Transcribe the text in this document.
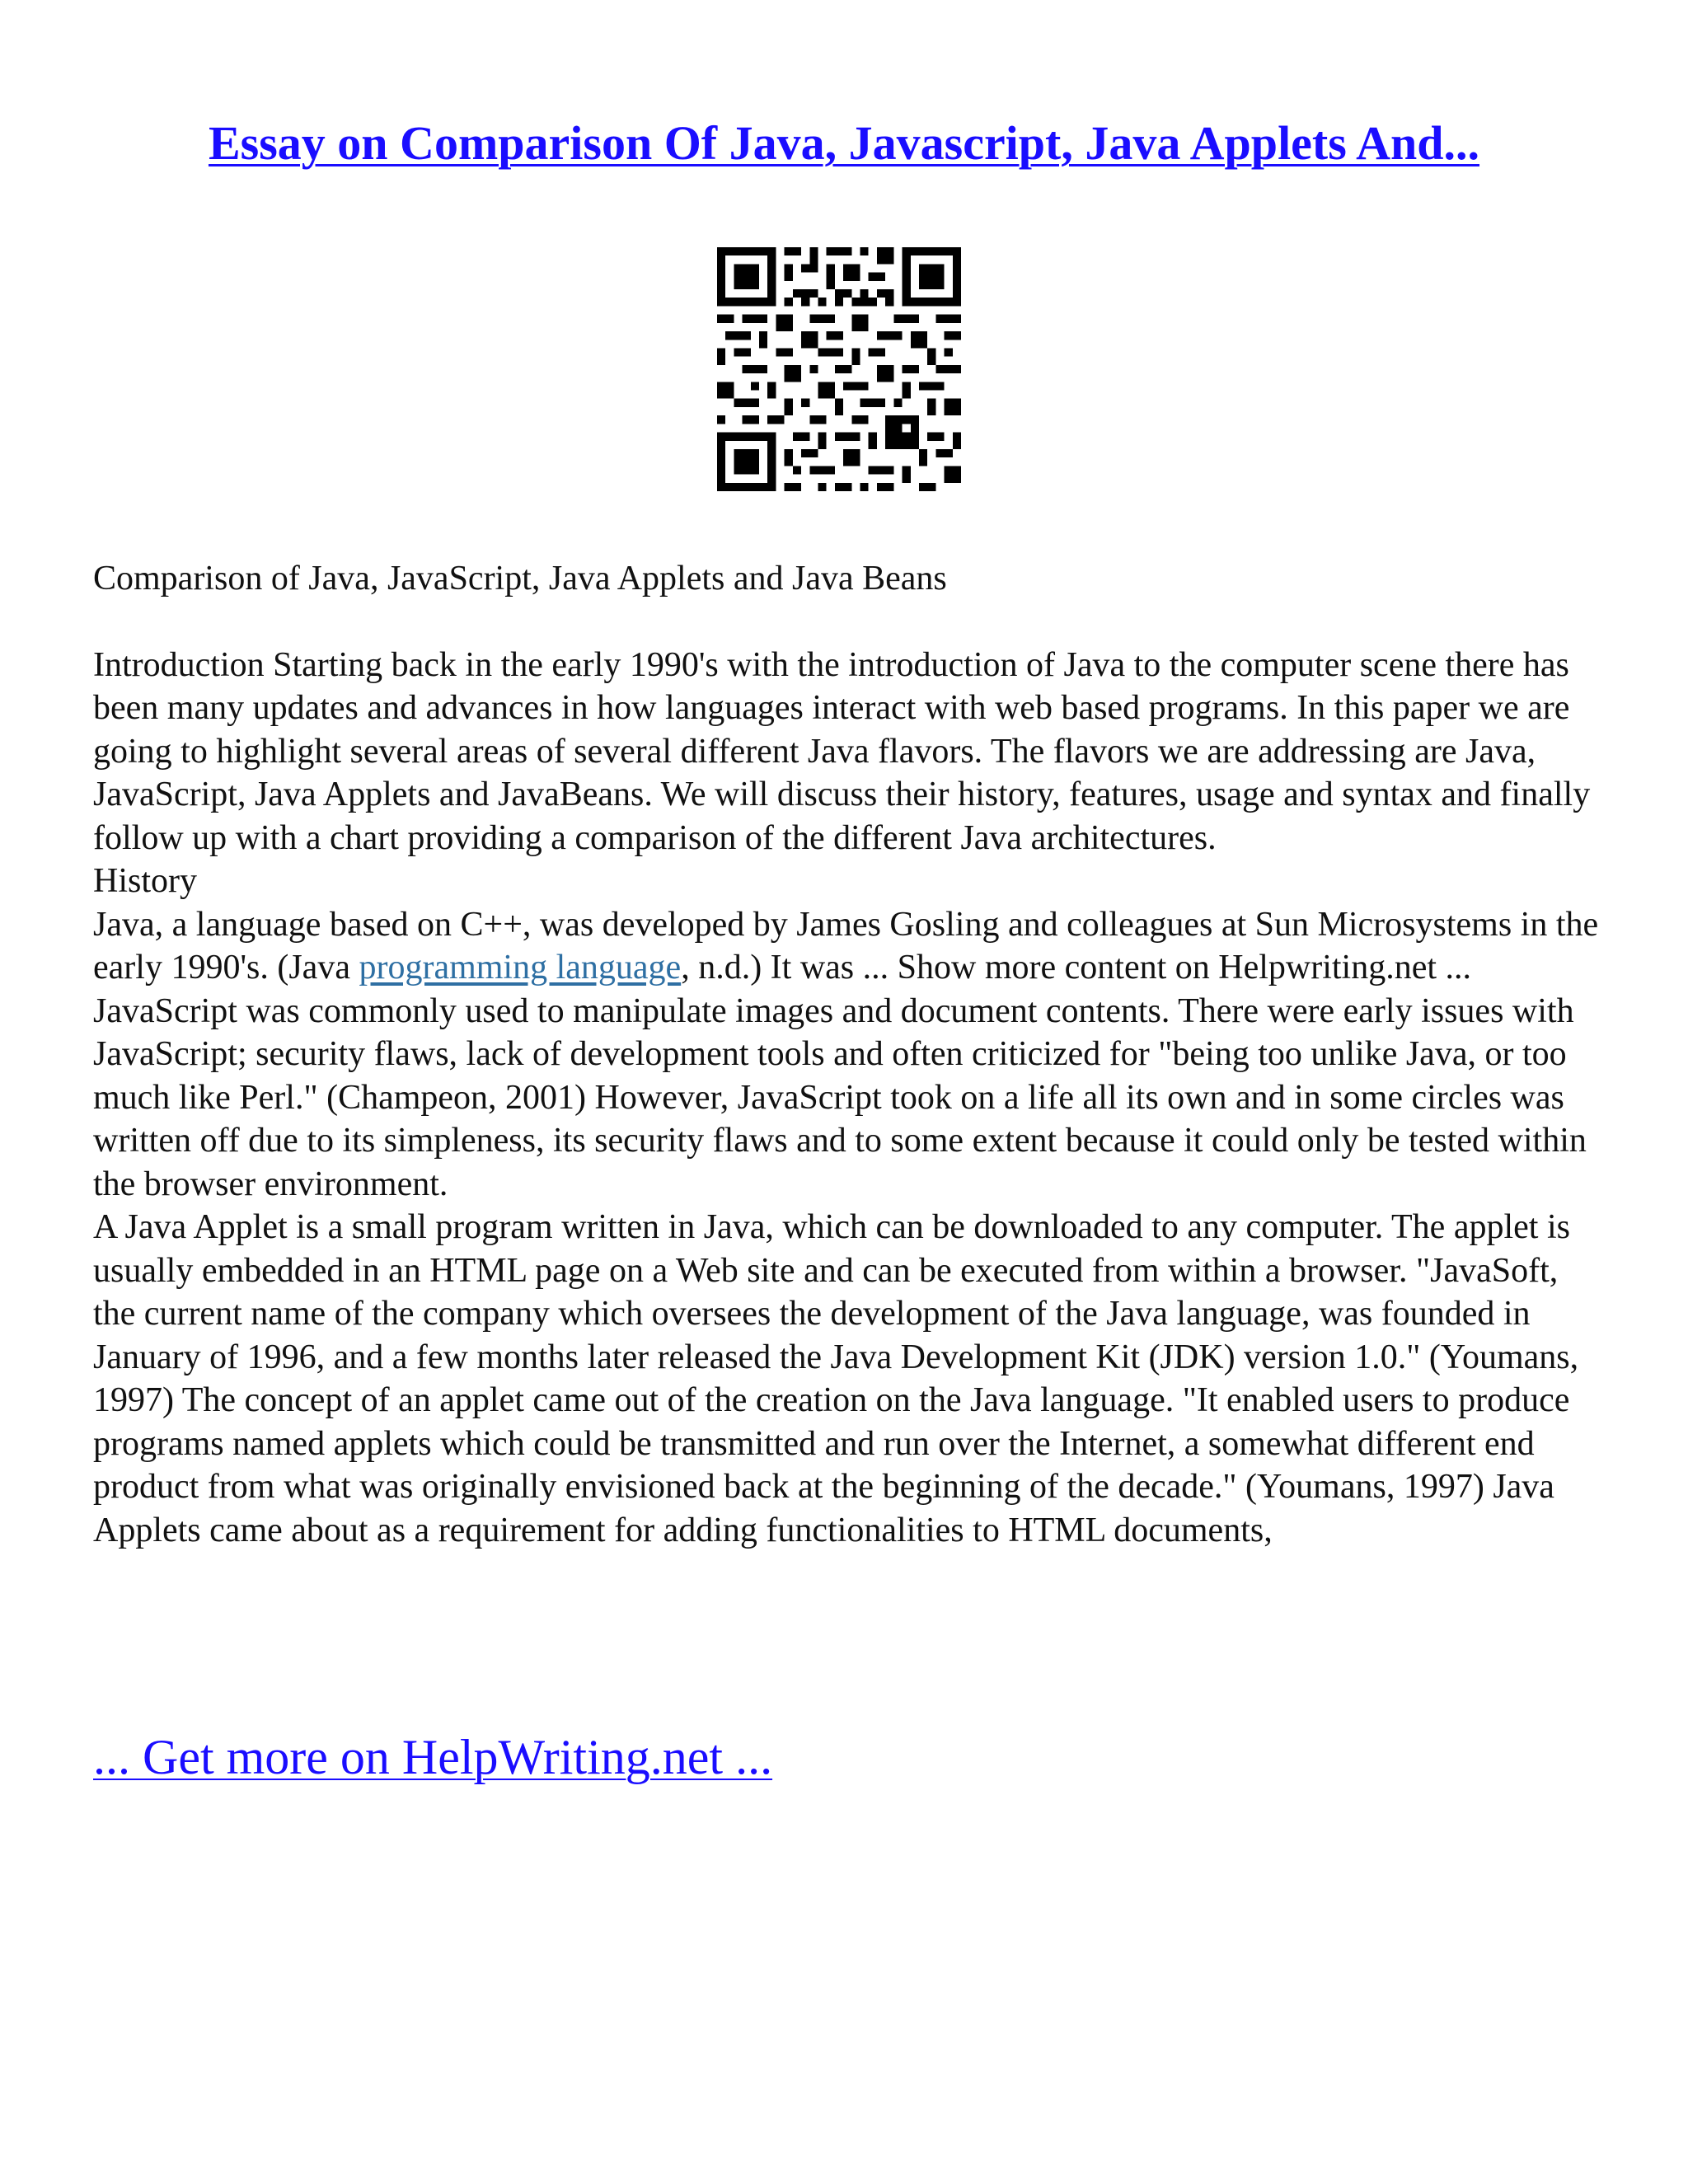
Essay on Comparison Of Java, Javascript, Java Applets And...

Comparison of Java, JavaScript, Java Applets and Java Beans

Introduction Starting back in the early 1990's with the introduction of Java to the computer scene there has been many updates and advances in how languages interact with web based programs. In this paper we are going to highlight several areas of several different Java flavors. The flavors we are addressing are Java, JavaScript, Java Applets and JavaBeans. We will discuss their history, features, usage and syntax and finally follow up with a chart providing a comparison of the different Java architectures.

History

Java, a language based on C++, was developed by James Gosling and colleagues at Sun Microsystems in the early 1990's. (Java programming language, n.d.) It was ... Show more content on Helpwriting.net ...

JavaScript was commonly used to manipulate images and document contents. There were early issues with JavaScript; security flaws, lack of development tools and often criticized for "being too unlike Java, or too much like Perl." (Champeon, 2001) However, JavaScript took on a life all its own and in some circles was written off due to its simpleness, its security flaws and to some extent because it could only be tested within the browser environment.

A Java Applet is a small program written in Java, which can be downloaded to any computer. The applet is usually embedded in an HTML page on a Web site and can be executed from within a browser. "JavaSoft, the current name of the company which oversees the development of the Java language, was founded in January of 1996, and a few months later released the Java Development Kit (JDK) version 1.0." (Youmans, 1997) The concept of an applet came out of the creation on the Java language. "It enabled users to produce programs named applets which could be transmitted and run over the Internet, a somewhat different end product from what was originally envisioned back at the beginning of the decade." (Youmans, 1997) Java Applets came about as a requirement for adding functionalities to HTML documents,

... Get more on HelpWriting.net ...
